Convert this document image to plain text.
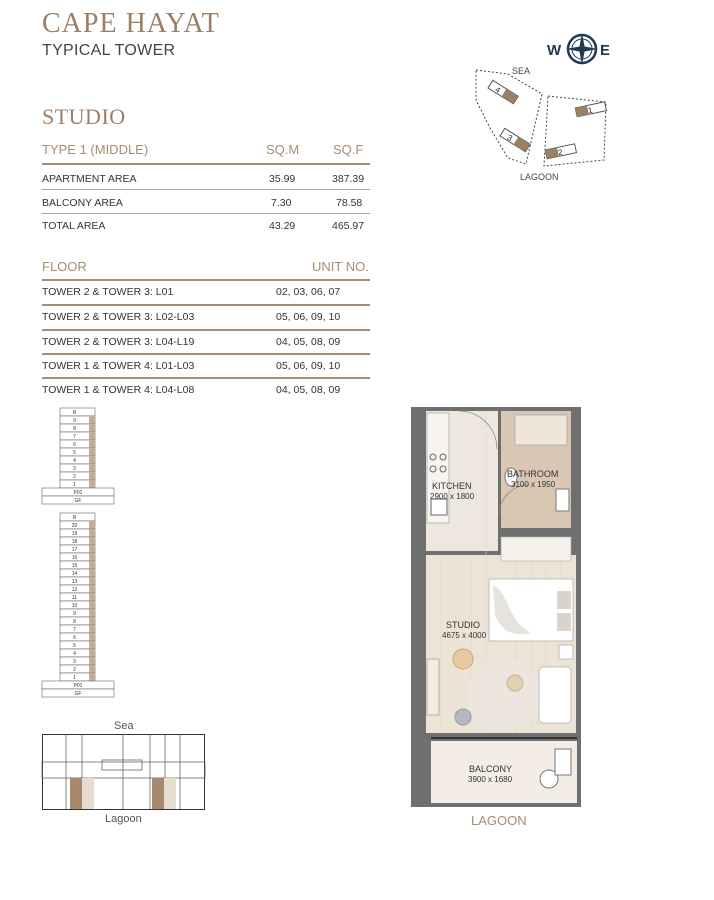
CAPE HAYAT
TYPICAL TOWER
STUDIO
TYPE 1 (MIDDLE)	SQ.M	SQ.F
APARTMENT AREA	35.99	387.39
BALCONY AREA	7.30	78.58
TOTAL AREA	43.29	465.97
FLOOR	UNIT NO.
TOWER 2 & TOWER 3: L01	02, 03, 06, 07
TOWER 2 & TOWER 3: L02-L03	05, 06, 09, 10
TOWER 2 & TOWER 3: L04-L19	04, 05, 08, 09
TOWER 1 & TOWER 4: L01-L03	05, 06, 09, 10
TOWER 1 & TOWER 4: L04-L08	04, 05, 08, 09
W	E
SEA
4
3
1
2
LAGOON
R
9
8
7
6
5
4
3
2
1
P01
GF
R
20
19
18
17
16
15
14
13
12
11
10
9
8
7
6
5
4
3
2
1
P01
GF
Sea
Lagoon
KITCHEN
2900 x 1800
BATHROOM
3100 x 1950
STUDIO
4675 x 4000
BALCONY
3900 x 1680
LAGOON
